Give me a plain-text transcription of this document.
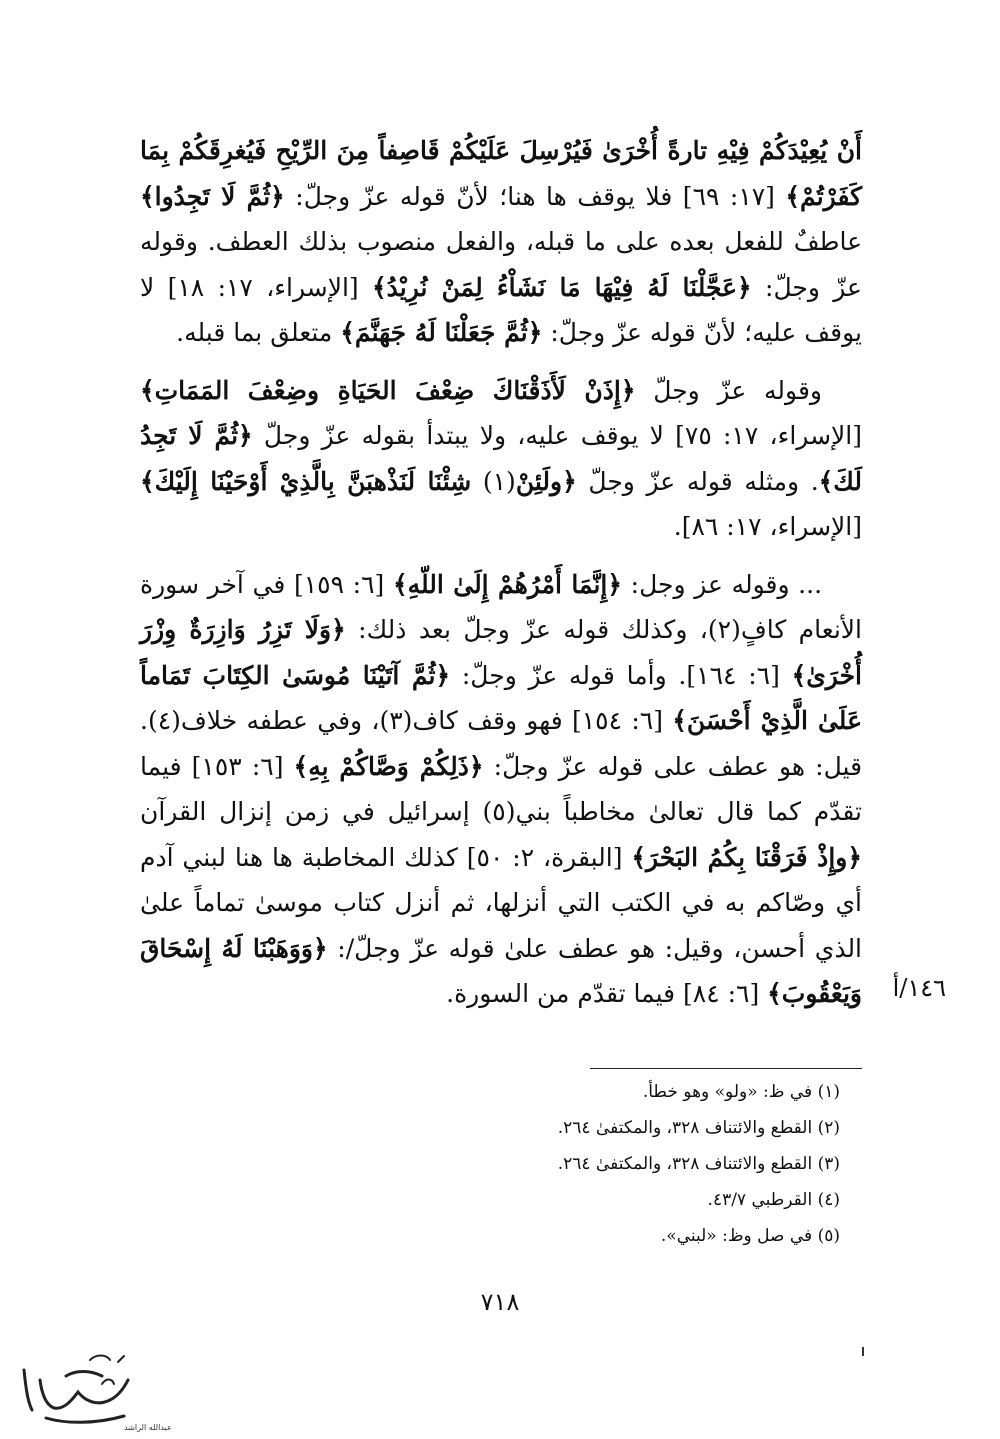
أَنْ يُعِيْدَكُمْ فِيْهِ تارةً أُخْرَىٰ فَيُرْسِلَ عَلَيْكُمْ قَاصِفاً مِنَ الرِّيْحِ فَيُغرِقَكُمْ بِمَا كَفَرْتُمْ﴾ [١٧: ٦٩] فلا يوقف ها هنا؛ لأنّ قوله عزّ وجلّ: ﴿ثُمَّ لَا تَجِدُوا﴾ عاطفٌ للفعل بعده على ما قبله، والفعل منصوب بذلك العطف. وقوله عزّ وجلّ: ﴿عَجَّلْنَا لَهُ فِيْهَا مَا نَشَاْءُ لِمَنْ نُرِيْدُ﴾ [الإسراء، ١٧: ١٨] لا يوقف عليه؛ لأنّ قوله عزّ وجلّ: ﴿ثُمَّ جَعَلْنَا لَهُ جَهَنَّمَ﴾ متعلق بما قبله.

وقوله عزّ وجلّ ﴿إِذَنْ لَأَذَقْنَاكَ ضِعْفَ الحَيَاةِ وضِعْفَ المَمَاتِ﴾ [الإسراء، ١٧: ٧٥] لا يوقف عليه، ولا يبتدأ بقوله عزّ وجلّ ﴿ثُمَّ لَا تَجِدُ لَكَ﴾. ومثله قوله عزّ وجلّ ﴿ولَئِنْ(١) شِئْنَا لَنَذْهبَنَّ بِالَّذِيْ أَوْحَيْنَا إِلَيْكَ﴾ [الإسراء، ١٧: ٨٦].

... وقوله عز وجل: ﴿إِنَّمَا أَمْرُهُمْ إِلَىٰ اللّهِ﴾ [٦: ١٥٩] في آخر سورة الأنعام كافٍ(٢)، وكذلك قوله عزّ وجلّ بعد ذلك: ﴿وَلَا تَزِرُ وَازِرَةٌ وِزْرَ أُخْرَىٰ﴾ [٦: ١٦٤]. وأما قوله عزّ وجلّ: ﴿ثُمَّ آتَيْنَا مُوسَىٰ الكِتَابَ تَمَاماً عَلَىٰ الَّذِيْ أَحْسَنَ﴾ [٦: ١٥٤] فهو وقف كاف(٣)، وفي عطفه خلاف(٤). قيل: هو عطف على قوله عزّ وجلّ: ﴿ذَلِكُمْ وَصَّاكُمْ بِهِ﴾ [٦: ١٥٣] فيما تقدّم كما قال تعالىٰ مخاطباً بني(٥) إسرائيل في زمن إنزال القرآن ﴿وإِذْ فَرَقْنَا بِكُمُ البَحْرَ﴾ [البقرة، ٢: ٥٠] كذلك المخاطبة ها هنا لبني آدم أي وصّاكم به في الكتب التي أنزلها، ثم أنزل كتاب موسىٰ تماماً علىٰ الذي أحسن، وقيل: هو عطف علىٰ قوله عزّ وجلّ/: ﴿وَوَهَبْنَا لَهُ إِسْحَاقَ وَيَعْقُوبَ﴾ [٦: ٨٤] فيما تقدّم من السورة.	١٤٦/أ
(١) في ظ: «ولو» وهو خطأ.
(٢) القطع والائتناف ٣٢٨، والمكتفىٰ ٢٦٤.
(٣) القطع والائتناف ٣٢٨، والمكتفىٰ ٢٦٤.
(٤) القرطبي ٤٣/٧.
(٥) في صل وظ: «لبني».
٧١٨
عبدالله الراشد
